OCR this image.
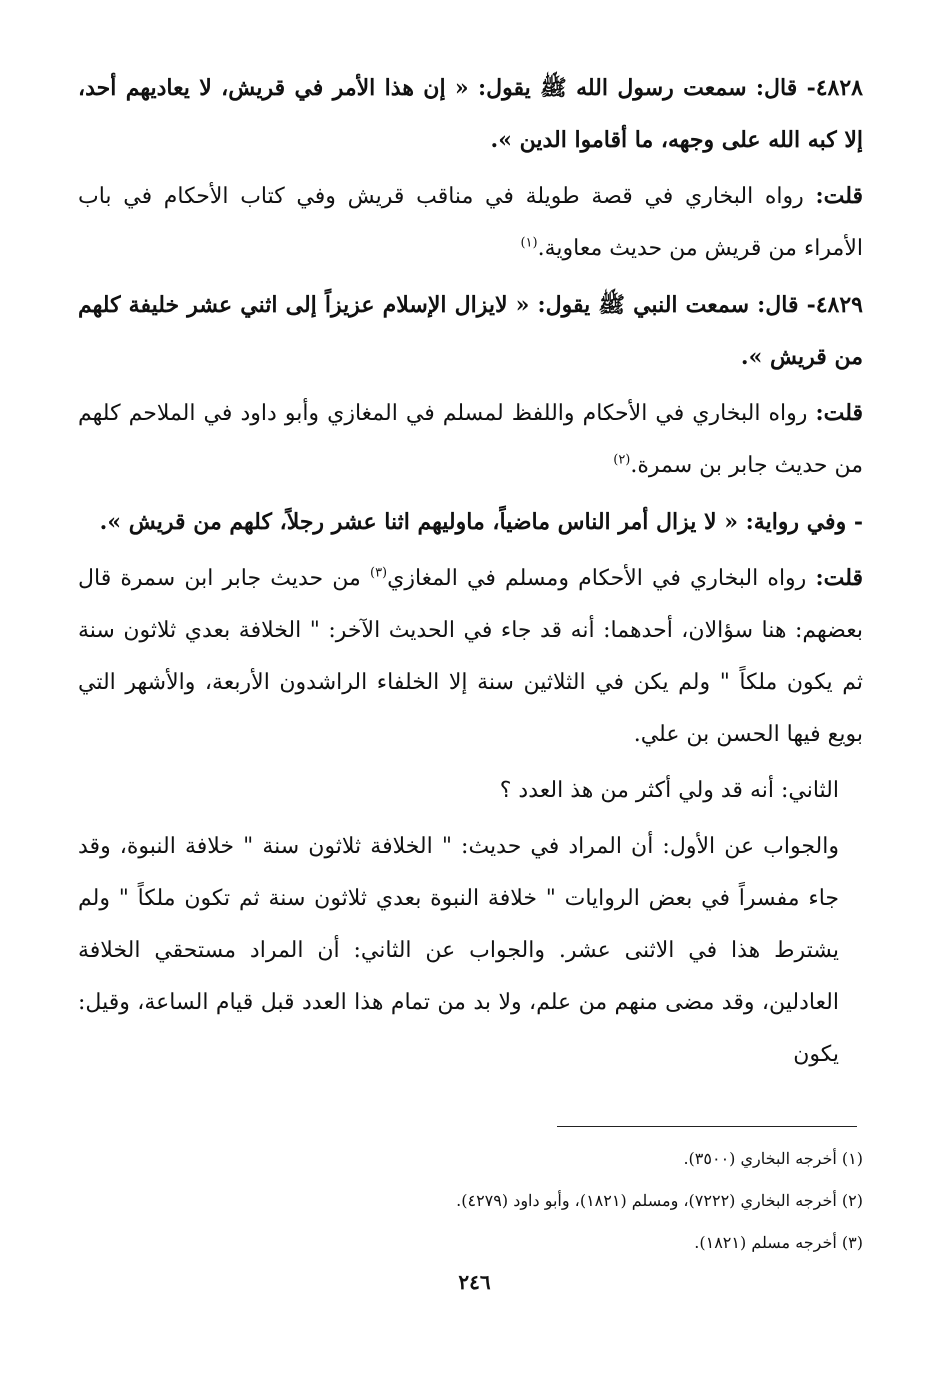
٤٨٢٨- قال: سمعت رسول الله ﷺ يقول: « إن هذا الأمر في قريش، لا يعاديهم أحد، إلا كبه الله على وجهه، ما أقاموا الدين ».

قلت: رواه البخاري في قصة طويلة في مناقب قريش وفي كتاب الأحكام في باب الأمراء من قريش من حديث معاوية.$^{(١)}$

٤٨٢٩- قال: سمعت النبي ﷺ يقول: « لايزال الإسلام عزيزاً إلى اثني عشر خليفة كلهم من قريش ».

قلت: رواه البخاري في الأحكام واللفظ لمسلم في المغازي وأبو داود في الملاحم كلهم من حديث جابر بن سمرة.$^{(٢)}$

- وفي رواية: « لا يزال أمر الناس ماضياً، ماوليهم اثنا عشر رجلاً، كلهم من قريش ».

قلت: رواه البخاري في الأحكام ومسلم في المغازي$^{(٣)}$ من حديث جابر ابن سمرة قال بعضهم: هنا سؤالان، أحدهما: أنه قد جاء في الحديث الآخر: " الخلافة بعدي ثلاثون سنة ثم يكون ملكاً " ولم يكن في الثلاثين سنة إلا الخلفاء الراشدون الأربعة، والأشهر التي بويع فيها الحسن بن علي.

الثاني: أنه قد ولي أكثر من هذ العدد ؟

والجواب عن الأول: أن المراد في حديث: " الخلافة ثلاثون سنة " خلافة النبوة، وقد جاء مفسراً في بعض الروايات " خلافة النبوة بعدي ثلاثون سنة ثم تكون ملكاً " ولم يشترط هذا في الاثنى عشر. والجواب عن الثاني: أن المراد مستحقي الخلافة العادلين، وقد مضى منهم من علم، ولا بد من تمام هذا العدد قبل قيام الساعة، وقيل: يكون

(١) أخرجه البخاري (٣٥٠٠).

(٢) أخرجه البخاري (٧٢٢٢)، ومسلم (١٨٢١)، وأبو داود (٤٢٧٩).

(٣) أخرجه مسلم (١٨٢١).

٢٤٦
